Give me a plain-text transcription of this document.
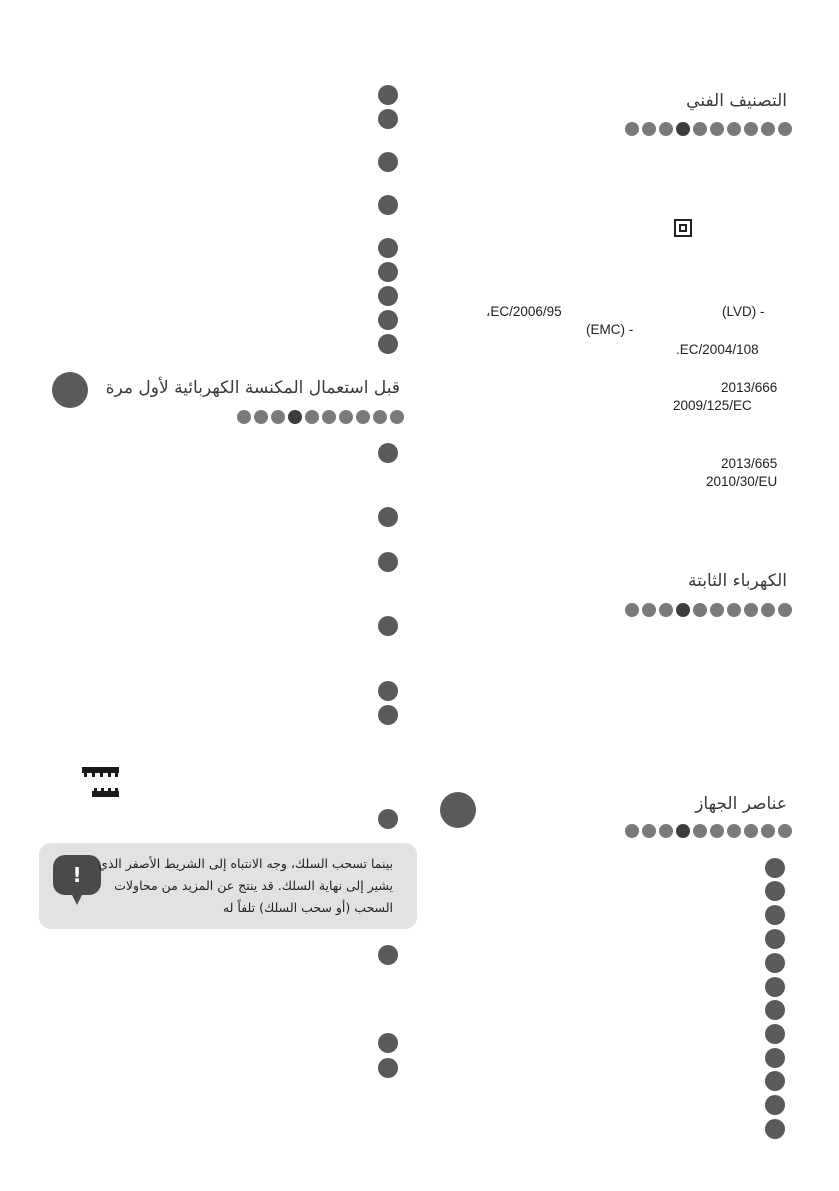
قبل استعمال المكنسة الكهربائية لأول مرة
!	بينما تسحب السلك، وجه الانتباه إلى الشريط الأصفر الذي يشير إلى نهاية السلك. قد ينتج عن المزيد من محاولات السحب (أو سحب السلك) تلفاً له
التصنيف الفني
(LVD) -
2006/95/EC،
(EMC) -
2004/108/EC.
2013/666
2009/125/EC
2013/665
2010/30/EU
الكهرباء الثابتة
عناصر الجهاز
